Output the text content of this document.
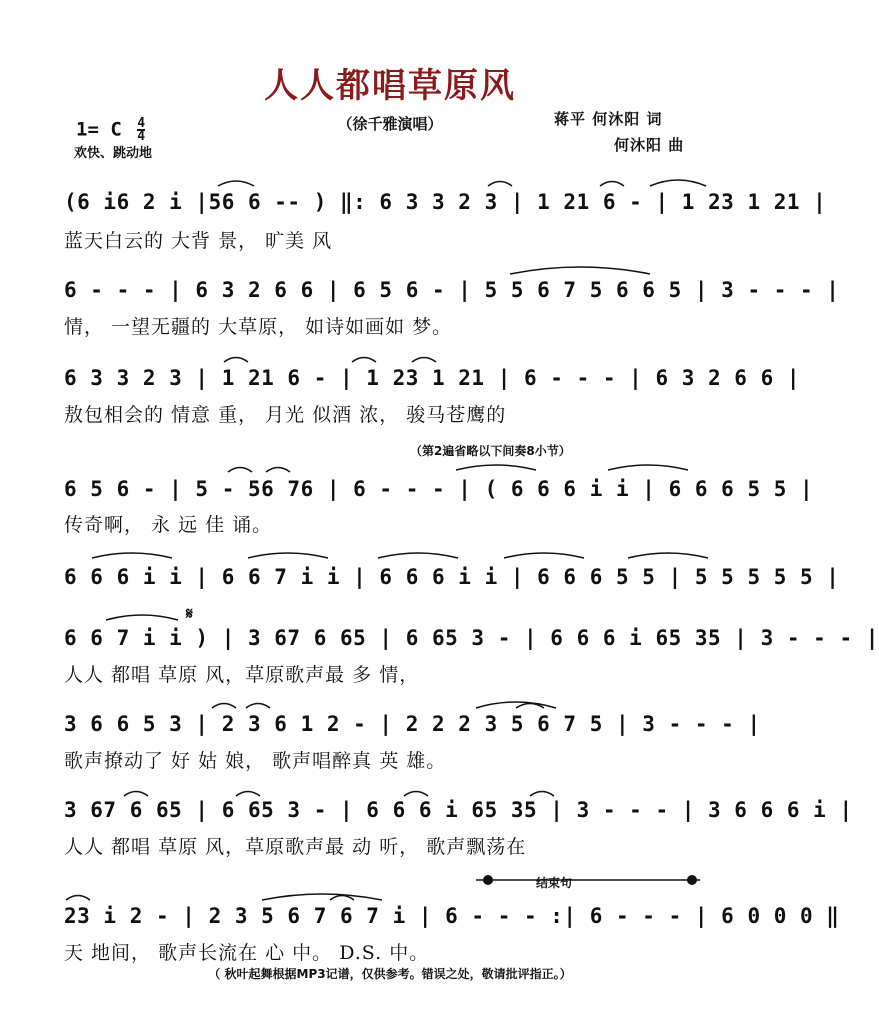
人人都唱草原风
（徐千雅演唱）
1= C $\frac{4}{4}$
欢快、跳动地
蒋平 何沐阳 词
何沐阳 曲
(6 i6 2 i |56 6 -- ) ‖: 6 3 3 2 3 | 1 21 6 - | 1 23 1 21 |
蓝天白云的 大背 景， 旷美 风
6 - - - | 6 3 2 6 6 | 6 5 6 - | 5 5 6 7 5 6 6 5 | 3 - - - |
情， 一望无疆的 大草原， 如诗如画如 梦。
6 3 3 2 3 | 1 21 6 - | 1 23 1 21 | 6 - - - | 6 3 2 6 6 |
敖包相会的 情意 重， 月光 似酒 浓， 骏马苍鹰的
（第2遍省略以下间奏8小节）
6 5 6 - | 5 - 56 76 | 6 - - - | ( 6 6 6 i i | 6 6 6 5 5 |
传奇啊， 永 远 佳 诵。
6 6 6 i i | 6 6 7 i i | 6 6 6 i i | 6 6 6 5 5 | 5 5 5 5 5 |
𝄋
6 6 7 i i ) | 3 67 6 65 | 6 65 3 - | 6 6 6 i 65 35 | 3 - - - |
人人 都唱 草原 风，草原歌声最 多 情，
3 6 6 5 3 | 2 3 6 1 2 - | 2 2 2 3 5 6 7 5 | 3 - - - |
歌声撩动了 好 姑 娘， 歌声唱醉真 英 雄。
3 67 6 65 | 6 65 3 - | 6 6 6 i 65 35 | 3 - - - | 3 6 6 6 i |
人人 都唱 草原 风，草原歌声最 动 听， 歌声飘荡在
结束句
23 i 2 - | 2 3 5 6 7 6 7 i | 6 - - - :| 6 - - - | 6 0 0 0 ‖
天 地间， 歌声长流在 心 中。 D.S. 中。
（ 秋叶起舞根据MP3记谱，仅供参考。错误之处，敬请批评指正。）
